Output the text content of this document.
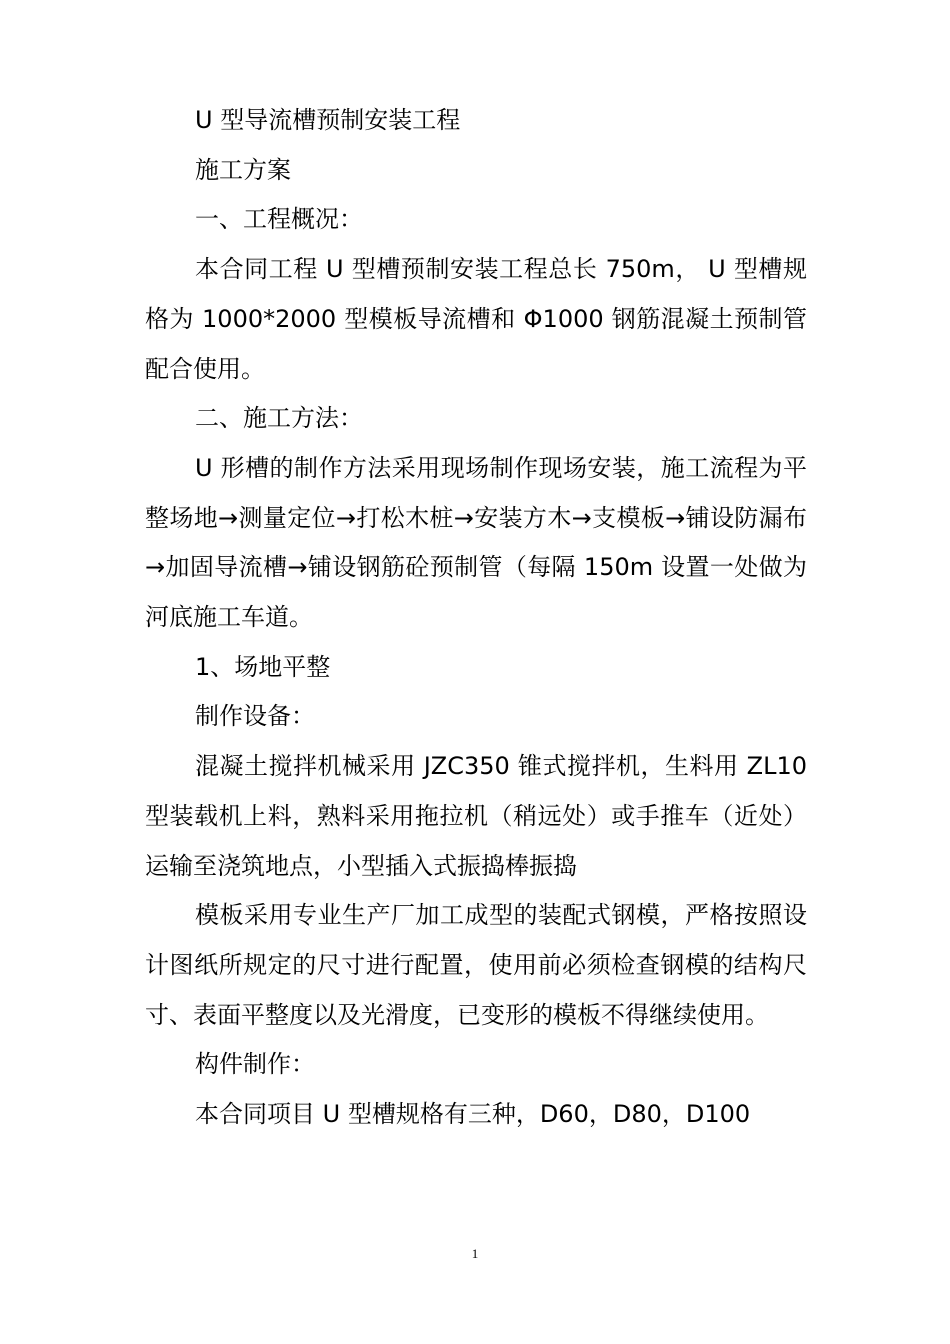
U 型导流槽预制安装工程

施工方案

一、工程概况：

本合同工程 U 型槽预制安装工程总长 750m， U 型槽规格为 1000*2000 型模板导流槽和 Φ1000 钢筋混凝土预制管配合使用。

二、施工方法：

U 形槽的制作方法采用现场制作现场安装，施工流程为平整场地→测量定位→打松木桩→安装方木→支模板→铺设防漏布→加固导流槽→铺设钢筋砼预制管（每隔 150m 设置一处做为河底施工车道。

1、场地平整

制作设备：

混凝土搅拌机械采用 JZC350 锥式搅拌机，生料用 ZL10 型装载机上料，熟料采用拖拉机（稍远处）或手推车（近处）运输至浇筑地点，小型插入式振捣棒振捣

模板采用专业生产厂加工成型的装配式钢模，严格按照设计图纸所规定的尺寸进行配置，使用前必须检查钢模的结构尺寸、表面平整度以及光滑度，已变形的模板不得继续使用。

构件制作：

本合同项目 U 型槽规格有三种，D60，D80，D100

1
